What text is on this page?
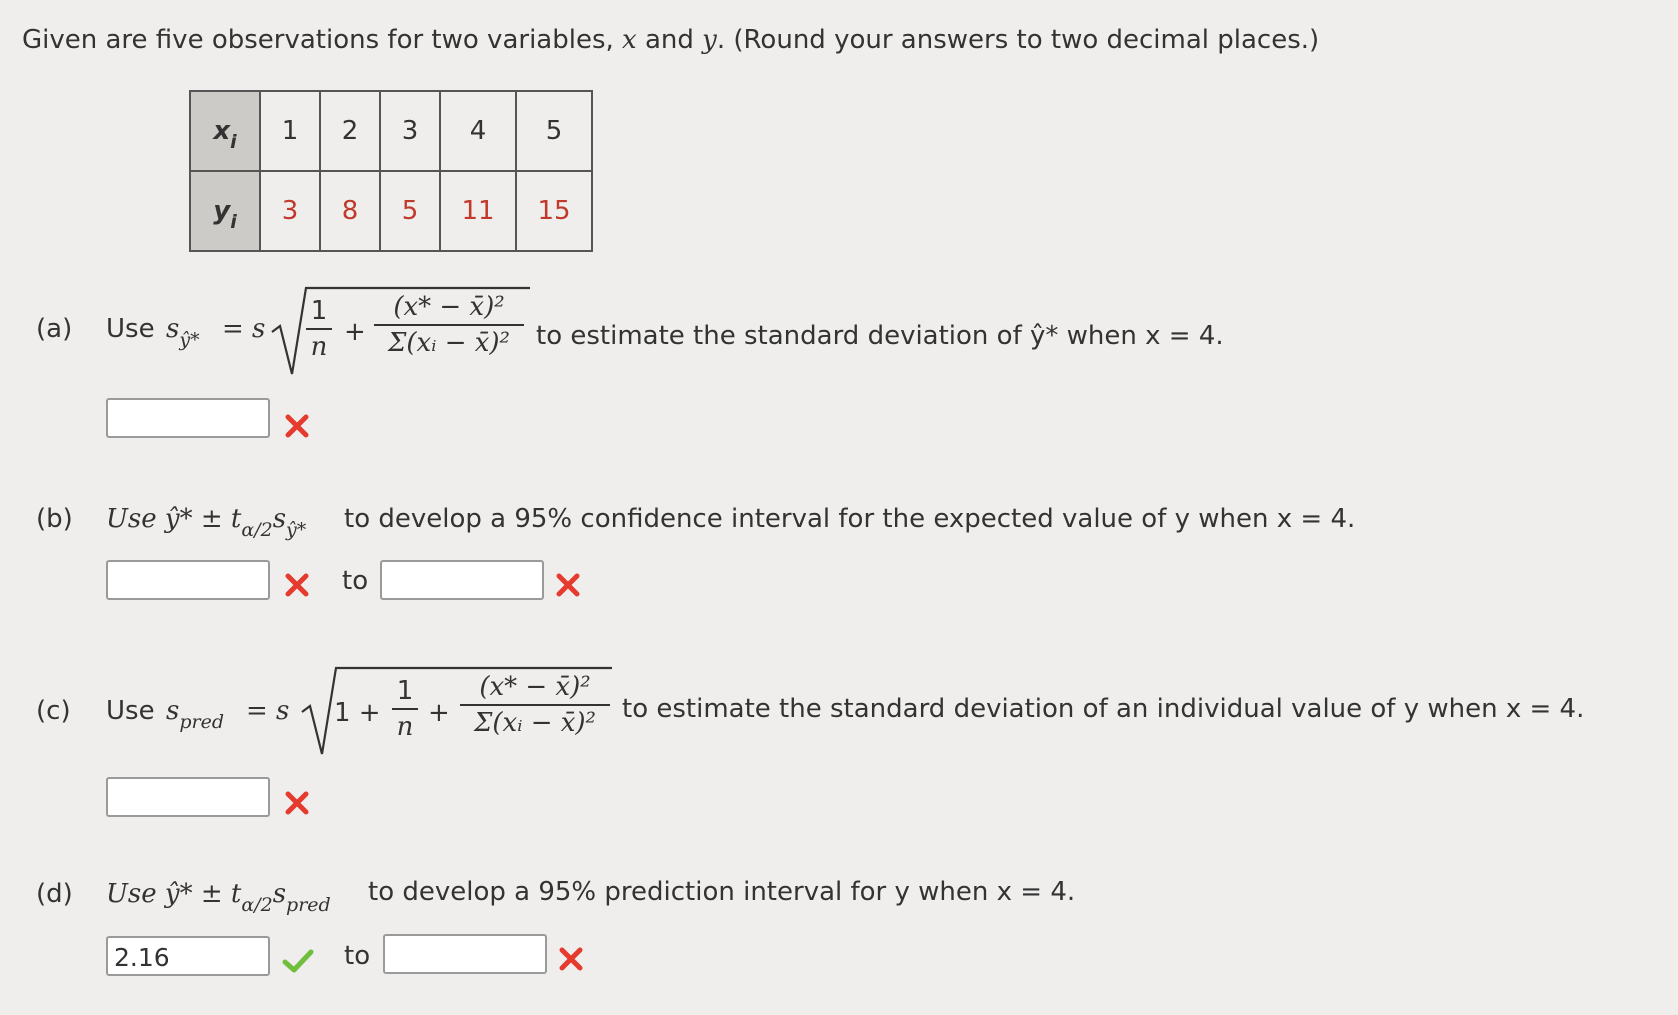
Given are five observations for two variables, x and y. (Round your answers to two decimal places.)
$x_i$	1	2	3	4	5
$y_i$	3	8	5	11	15
(a) Use $s_{ŷ*} = s$
1
n +
(x* − x̄)²
Σ(xᵢ − x̄)²	to estimate the standard deviation of ŷ* when x = 4.
(b) Use ŷ* ± $t_{\alpha/2}s_{ŷ*}$ to develop a 95% confidence interval for the expected value of y when x = 4.
to
(c) Use $s_{pred} = s$ 1 +
1
n +
(x* − x̄)²
Σ(xᵢ − x̄)²	to estimate the standard deviation of an individual value of y when x = 4.
(d) Use ŷ* ± $t_{\alpha/2}s_{pred}$ to develop a 95% prediction interval for y when x = 4.
2.16	to
